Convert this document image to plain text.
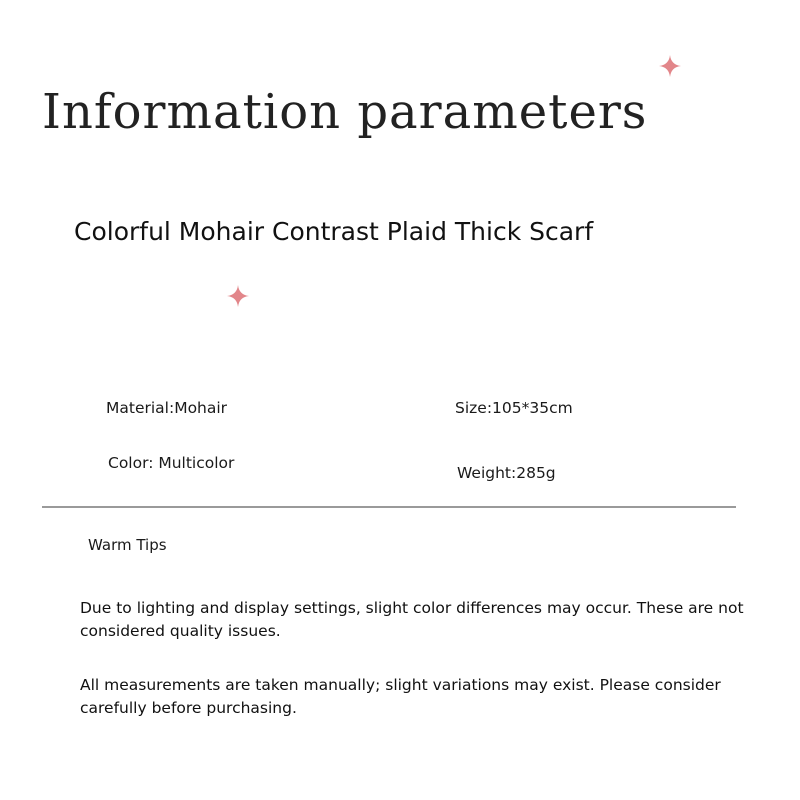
Information parameters
Colorful Mohair Contrast Plaid Thick Scarf
Material:Mohair	Size:105*35cm
Color: Multicolor
Weight:285g
Warm Tips
Due to lighting and display settings, slight color differences may occur. These are not considered quality issues.
All measurements are taken manually; slight variations may exist. Please consider carefully before purchasing.
